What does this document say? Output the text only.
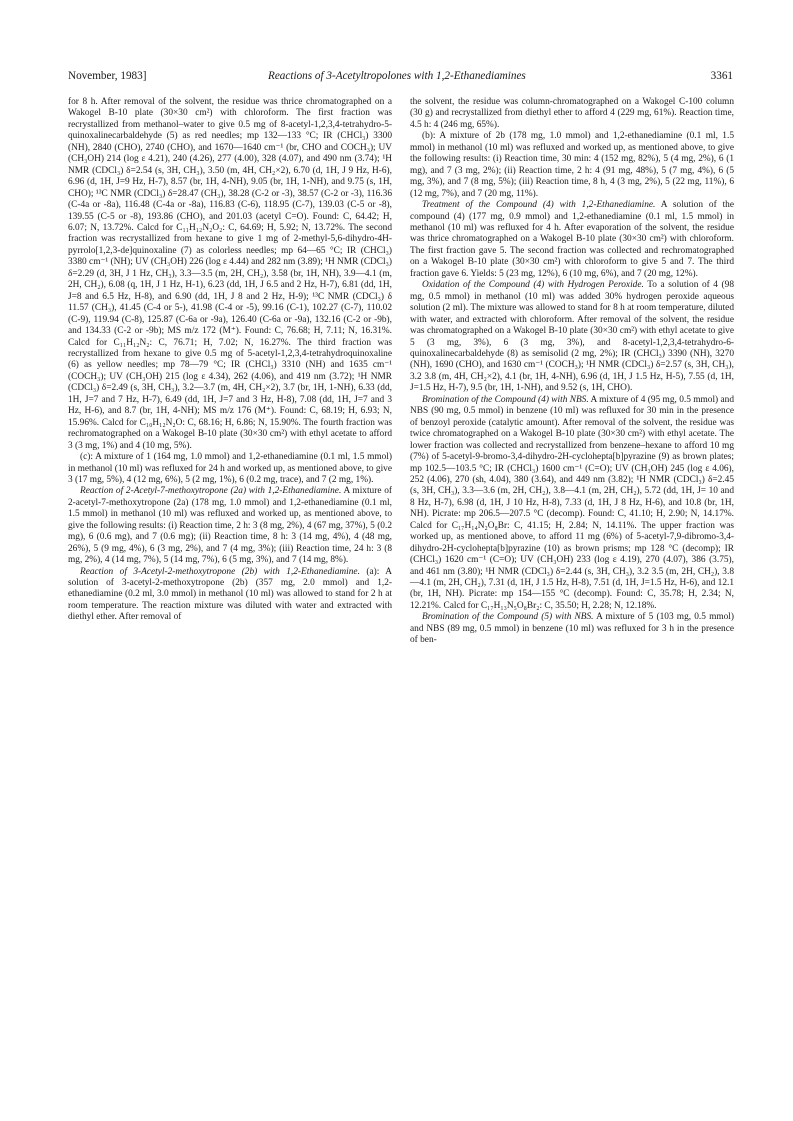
November, 1983]	Reactions of 3-Acetyltropolones with 1,2-Ethanediamines	3361

for 8 h. After removal of the solvent, the residue was thrice chromatographed on a Wakogel B-10 plate (30×30 cm²) with chloroform. The first fraction was recrystallized from methanol–water to give 0.5 mg of 8-acetyl-1,2,3,4-tetrahydro-5-quinoxalinecarbaldehyde (5) as red needles; mp 132—133 °C; IR (CHCl₃) 3300 (NH), 2840 (CHO), 2740 (CHO), and 1670—1640 cm⁻¹ (br, CHO and COCH₃); UV (CH₃OH) 214 (log ε 4.21), 240 (4.26), 277 (4.00), 328 (4.07), and 490 nm (3.74); ¹H NMR (CDCl₃) δ=2.54 (s, 3H, CH₃), 3.50 (m, 4H, CH₂×2), 6.70 (d, 1H, J 9 Hz, H-6), 6.96 (d, 1H, J=9 Hz, H-7), 8.57 (br, 1H, 4-NH), 9.05 (br, 1H, 1-NH), and 9.75 (s, 1H, CHO); ¹³C NMR (CDCl₃) δ=28.47 (CH₃), 38.28 (C-2 or -3), 38.57 (C-2 or -3), 116.36 (C-4a or -8a), 116.48 (C-4a or -8a), 116.83 (C-6), 118.95 (C-7), 139.03 (C-5 or -8), 139.55 (C-5 or -8), 193.86 (CHO), and 201.03 (acetyl C=O). Found: C, 64.42; H, 6.07; N, 13.72%. Calcd for C₁₁H₁₂N₂O₂: C, 64.69; H, 5.92; N, 13.72%. The second fraction was recrystallized from hexane to give 1 mg of 2-methyl-5,6-dihydro-4H-pyrrolo[1,2,3-de]quinoxaline (7) as colorless needles; mp 64—65 °C; IR (CHCl₃) 3380 cm⁻¹ (NH); UV (CH₃OH) 226 (log ε 4.44) and 282 nm (3.89); ¹H NMR (CDCl₃) δ=2.29 (d, 3H, J 1 Hz, CH₃), 3.3—3.5 (m, 2H, CH₂), 3.58 (br, 1H, NH), 3.9—4.1 (m, 2H, CH₂), 6.08 (q, 1H, J 1 Hz, H-1), 6.23 (dd, 1H, J 6.5 and 2 Hz, H-7), 6.81 (dd, 1H, J=8 and 6.5 Hz, H-8), and 6.90 (dd, 1H, J 8 and 2 Hz, H-9); ¹³C NMR (CDCl₃) δ 11.57 (CH₃), 41.45 (C-4 or 5-), 41.98 (C-4 or -5), 99.16 (C-1), 102.27 (C-7), 110.02 (C-9), 119.94 (C-8), 125.87 (C-6a or -9a), 126.40 (C-6a or -9a), 132.16 (C-2 or -9b), and 134.33 (C-2 or -9b); MS m/z 172 (M⁺). Found: C, 76.68; H, 7.11; N, 16.31%. Calcd for C₁₁H₁₂N₂: C, 76.71; H, 7.02; N, 16.27%. The third fraction was recrystallized from hexane to give 0.5 mg of 5-acetyl-1,2,3,4-tetrahydroquinoxaline (6) as yellow needles; mp 78—79 °C; IR (CHCl₃) 3310 (NH) and 1635 cm⁻¹ (COCH₃); UV (CH₃OH) 215 (log ε 4.34), 262 (4.06), and 419 nm (3.72); ¹H NMR (CDCl₃) δ=2.49 (s, 3H, CH₃), 3.2—3.7 (m, 4H, CH₂×2), 3.7 (br, 1H, 1-NH), 6.33 (dd, 1H, J=7 and 7 Hz, H-7), 6.49 (dd, 1H, J=7 and 3 Hz, H-8), 7.08 (dd, 1H, J=7 and 3 Hz, H-6), and 8.7 (br, 1H, 4-NH); MS m/z 176 (M⁺). Found: C, 68.19; H, 6.93; N, 15.96%. Calcd for C₁₀H₁₂N₂O: C, 68.16; H, 6.86; N, 15.90%. The fourth fraction was rechromatographed on a Wakogel B-10 plate (30×30 cm²) with ethyl acetate to afford 3 (3 mg, 1%) and 4 (10 mg, 5%).

(c): A mixture of 1 (164 mg, 1.0 mmol) and 1,2-ethanediamine (0.1 ml, 1.5 mmol) in methanol (10 ml) was refluxed for 24 h and worked up, as mentioned above, to give 3 (17 mg, 5%), 4 (12 mg, 6%), 5 (2 mg, 1%), 6 (0.2 mg, trace), and 7 (2 mg, 1%).

Reaction of 2-Acetyl-7-methoxytropone (2a) with 1,2-Ethanediamine. A mixture of 2-acetyl-7-methoxytropone (2a) (178 mg, 1.0 mmol) and 1,2-ethanediamine (0.1 ml, 1.5 mmol) in methanol (10 ml) was refluxed and worked up, as mentioned above, to give the following results: (i) Reaction time, 2 h: 3 (8 mg, 2%), 4 (67 mg, 37%), 5 (0.2 mg), 6 (0.6 mg), and 7 (0.6 mg); (ii) Reaction time, 8 h: 3 (14 mg, 4%), 4 (48 mg, 26%), 5 (9 mg, 4%), 6 (3 mg, 2%), and 7 (4 mg, 3%); (iii) Reaction time, 24 h: 3 (8 mg, 2%), 4 (14 mg, 7%), 5 (14 mg, 7%), 6 (5 mg, 3%), and 7 (14 mg, 8%).

Reaction of 3-Acetyl-2-methoxytropone (2b) with 1,2-Ethanediamine. (a): A solution of 3-acetyl-2-methoxytropone (2b) (357 mg, 2.0 mmol) and 1,2-ethanediamine (0.2 ml, 3.0 mmol) in methanol (10 ml) was allowed to stand for 2 h at room temperature. The reaction mixture was diluted with water and extracted with diethyl ether. After removal of

the solvent, the residue was column-chromatographed on a Wakogel C-100 column (30 g) and recrystallized from diethyl ether to afford 4 (229 mg, 61%). Reaction time, 4.5 h: 4 (246 mg, 65%).

(b): A mixture of 2b (178 mg, 1.0 mmol) and 1,2-ethanediamine (0.1 ml, 1.5 mmol) in methanol (10 ml) was refluxed and worked up, as mentioned above, to give the following results: (i) Reaction time, 30 min: 4 (152 mg, 82%), 5 (4 mg, 2%), 6 (1 mg), and 7 (3 mg, 2%); (ii) Reaction time, 2 h: 4 (91 mg, 48%), 5 (7 mg, 4%), 6 (5 mg, 3%), and 7 (8 mg, 5%); (iii) Reaction time, 8 h, 4 (3 mg, 2%), 5 (22 mg, 11%), 6 (12 mg, 7%), and 7 (20 mg, 11%).

Treatment of the Compound (4) with 1,2-Ethanediamine. A solution of the compound (4) (177 mg, 0.9 mmol) and 1,2-ethanediamine (0.1 ml, 1.5 mmol) in methanol (10 ml) was refluxed for 4 h. After evaporation of the solvent, the residue was thrice chromatographed on a Wakogel B-10 plate (30×30 cm²) with chloroform. The first fraction gave 5. The second fraction was collected and rechromatographed on a Wakogel B-10 plate (30×30 cm²) with chloroform to give 5 and 7. The third fraction gave 6. Yields: 5 (23 mg, 12%), 6 (10 mg, 6%), and 7 (20 mg, 12%).

Oxidation of the Compound (4) with Hydrogen Peroxide. To a solution of 4 (98 mg, 0.5 mmol) in methanol (10 ml) was added 30% hydrogen peroxide aqueous solution (2 ml). The mixture was allowed to stand for 8 h at room temperature, diluted with water, and extracted with chloroform. After removal of the solvent, the residue was chromatographed on a Wakogel B-10 plate (30×30 cm²) with ethyl acetate to give 5 (3 mg, 3%), 6 (3 mg, 3%), and 8-acetyl-1,2,3,4-tetrahydro-6-quinoxalinecarbaldehyde (8) as semisolid (2 mg, 2%); IR (CHCl₃) 3390 (NH), 3270 (NH), 1690 (CHO), and 1630 cm⁻¹ (COCH₃); ¹H NMR (CDCl₃) δ=2.57 (s, 3H, CH₃), 3.2 3.8 (m, 4H, CH₂×2), 4.1 (br, 1H, 4-NH), 6.96 (d, 1H, J 1.5 Hz, H-5), 7.55 (d, 1H, J=1.5 Hz, H-7), 9.5 (br, 1H, 1-NH), and 9.52 (s, 1H, CHO).

Bromination of the Compound (4) with NBS. A mixture of 4 (95 mg, 0.5 mmol) and NBS (90 mg, 0.5 mmol) in benzene (10 ml) was refluxed for 30 min in the presence of benzoyl peroxide (catalytic amount). After removal of the solvent, the residue was twice chromatographed on a Wakogel B-10 plate (30×30 cm²) with ethyl acetate. The lower fraction was collected and recrystallized from benzene–hexane to afford 10 mg (7%) of 5-acetyl-9-bromo-3,4-dihydro-2H-cyclohepta[b]pyrazine (9) as brown plates; mp 102.5—103.5 °C; IR (CHCl₃) 1600 cm⁻¹ (C=O); UV (CH₃OH) 245 (log ε 4.06), 252 (4.06), 270 (sh, 4.04), 380 (3.64), and 449 nm (3.82); ¹H NMR (CDCl₃) δ=2.45 (s, 3H, CH₃), 3.3—3.6 (m, 2H, CH₂), 3.8—4.1 (m, 2H, CH₂), 5.72 (dd, 1H, J= 10 and 8 Hz, H-7), 6.98 (d, 1H, J 10 Hz, H-8), 7.33 (d, 1H, J 8 Hz, H-6), and 10.8 (br, 1H, NH). Picrate: mp 206.5—207.5 °C (decomp). Found: C, 41.10; H, 2.90; N, 14.17%. Calcd for C₁₇H₁₄N₂O₈Br: C, 41.15; H, 2.84; N, 14.11%. The upper fraction was worked up, as mentioned above, to afford 11 mg (6%) of 5-acetyl-7,9-dibromo-3,4-dihydro-2H-cyclohepta[b]pyrazine (10) as brown prisms; mp 128 °C (decomp); IR (CHCl₃) 1620 cm⁻¹ (C=O); UV (CH₃OH) 233 (log ε 4.19), 270 (4.07), 386 (3.75), and 461 nm (3.80); ¹H NMR (CDCl₃) δ=2.44 (s, 3H, CH₃), 3.2 3.5 (m, 2H, CH₂), 3.8—4.1 (m, 2H, CH₂), 7.31 (d, 1H, J 1.5 Hz, H-8), 7.51 (d, 1H, J=1.5 Hz, H-6), and 12.1 (br, 1H, NH). Picrate: mp 154—155 °C (decomp). Found: C, 35.78; H, 2.34; N, 12.21%. Calcd for C₁₇H₁₃N₅O₈Br₂: C, 35.50; H, 2.28; N, 12.18%.

Bromination of the Compound (5) with NBS. A mixture of 5 (103 mg, 0.5 mmol) and NBS (89 mg, 0.5 mmol) in benzene (10 ml) was refluxed for 3 h in the presence of ben-
